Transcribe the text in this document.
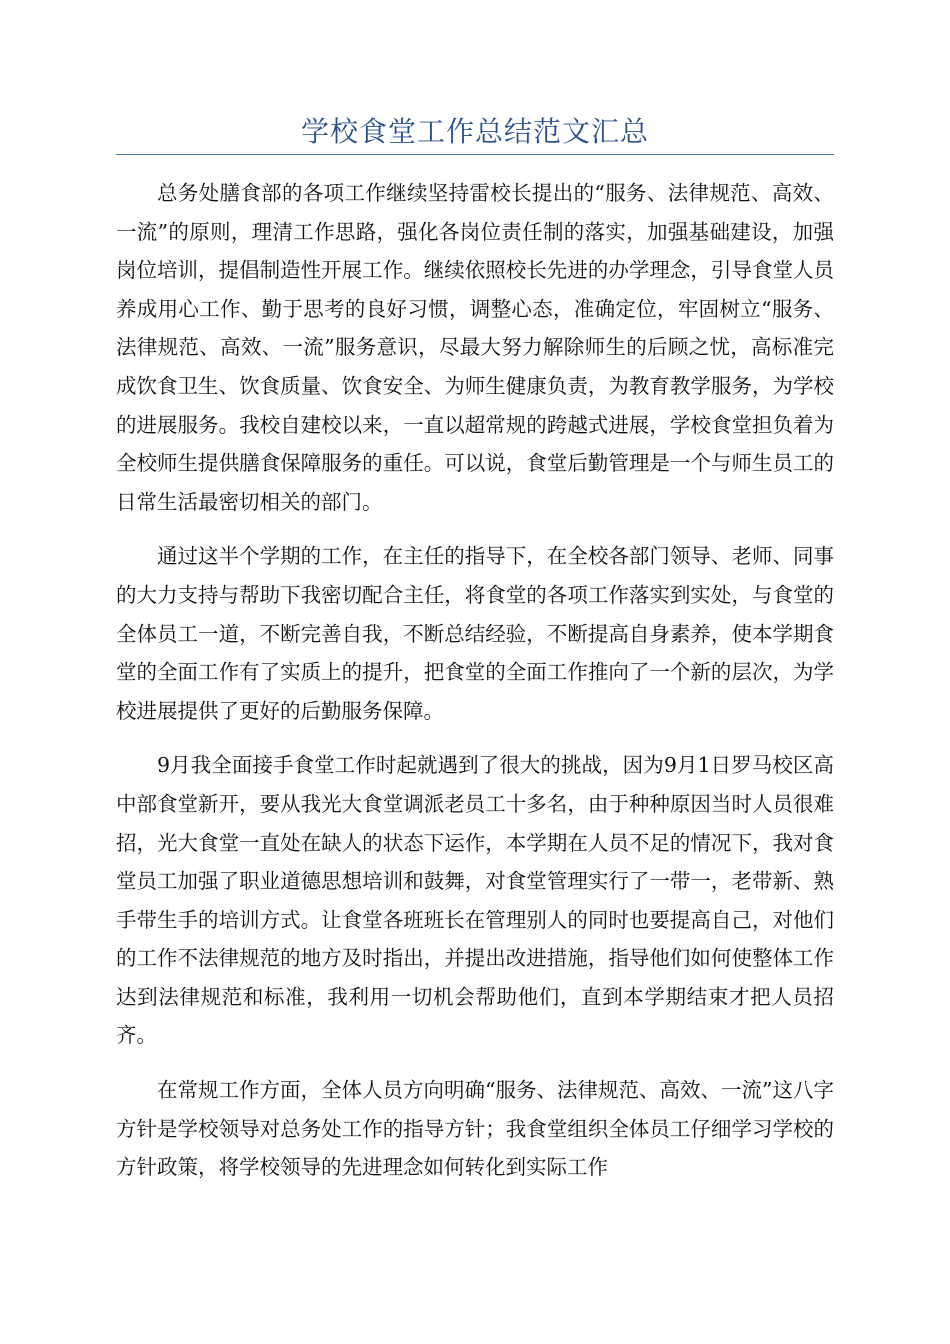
学校食堂工作总结范文汇总

总务处膳食部的各项工作继续坚持雷校长提出的“服务、法律规范、高效、一流”的原则，理清工作思路，强化各岗位责任制的落实，加强基础建设，加强岗位培训，提倡制造性开展工作。继续依照校长先进的办学理念，引导食堂人员养成用心工作、勤于思考的良好习惯，调整心态，准确定位，牢固树立“服务、法律规范、高效、一流”服务意识，尽最大努力解除师生的后顾之忧，高标准完成饮食卫生、饮食质量、饮食安全、为师生健康负责，为教育教学服务，为学校的进展服务。我校自建校以来，一直以超常规的跨越式进展，学校食堂担负着为全校师生提供膳食保障服务的重任。可以说，食堂后勤管理是一个与师生员工的日常生活最密切相关的部门。

通过这半个学期的工作，在主任的指导下，在全校各部门领导、老师、同事的大力支持与帮助下我密切配合主任，将食堂的各项工作落实到实处，与食堂的全体员工一道，不断完善自我，不断总结经验，不断提高自身素养，使本学期食堂的全面工作有了实质上的提升，把食堂的全面工作推向了一个新的层次，为学校进展提供了更好的后勤服务保障。

9月我全面接手食堂工作时起就遇到了很大的挑战，因为9月1日罗马校区高中部食堂新开，要从我光大食堂调派老员工十多名，由于种种原因当时人员很难招，光大食堂一直处在缺人的状态下运作，本学期在人员不足的情况下，我对食堂员工加强了职业道德思想培训和鼓舞，对食堂管理实行了一带一，老带新、熟手带生手的培训方式。让食堂各班班长在管理别人的同时也要提高自己，对他们的工作不法律规范的地方及时指出，并提出改进措施，指导他们如何使整体工作达到法律规范和标准，我利用一切机会帮助他们，直到本学期结束才把人员招齐。

在常规工作方面，全体人员方向明确“服务、法律规范、高效、一流”这八字方针是学校领导对总务处工作的指导方针；我食堂组织全体员工仔细学习学校的方针政策，将学校领导的先进理念如何转化到实际工作
